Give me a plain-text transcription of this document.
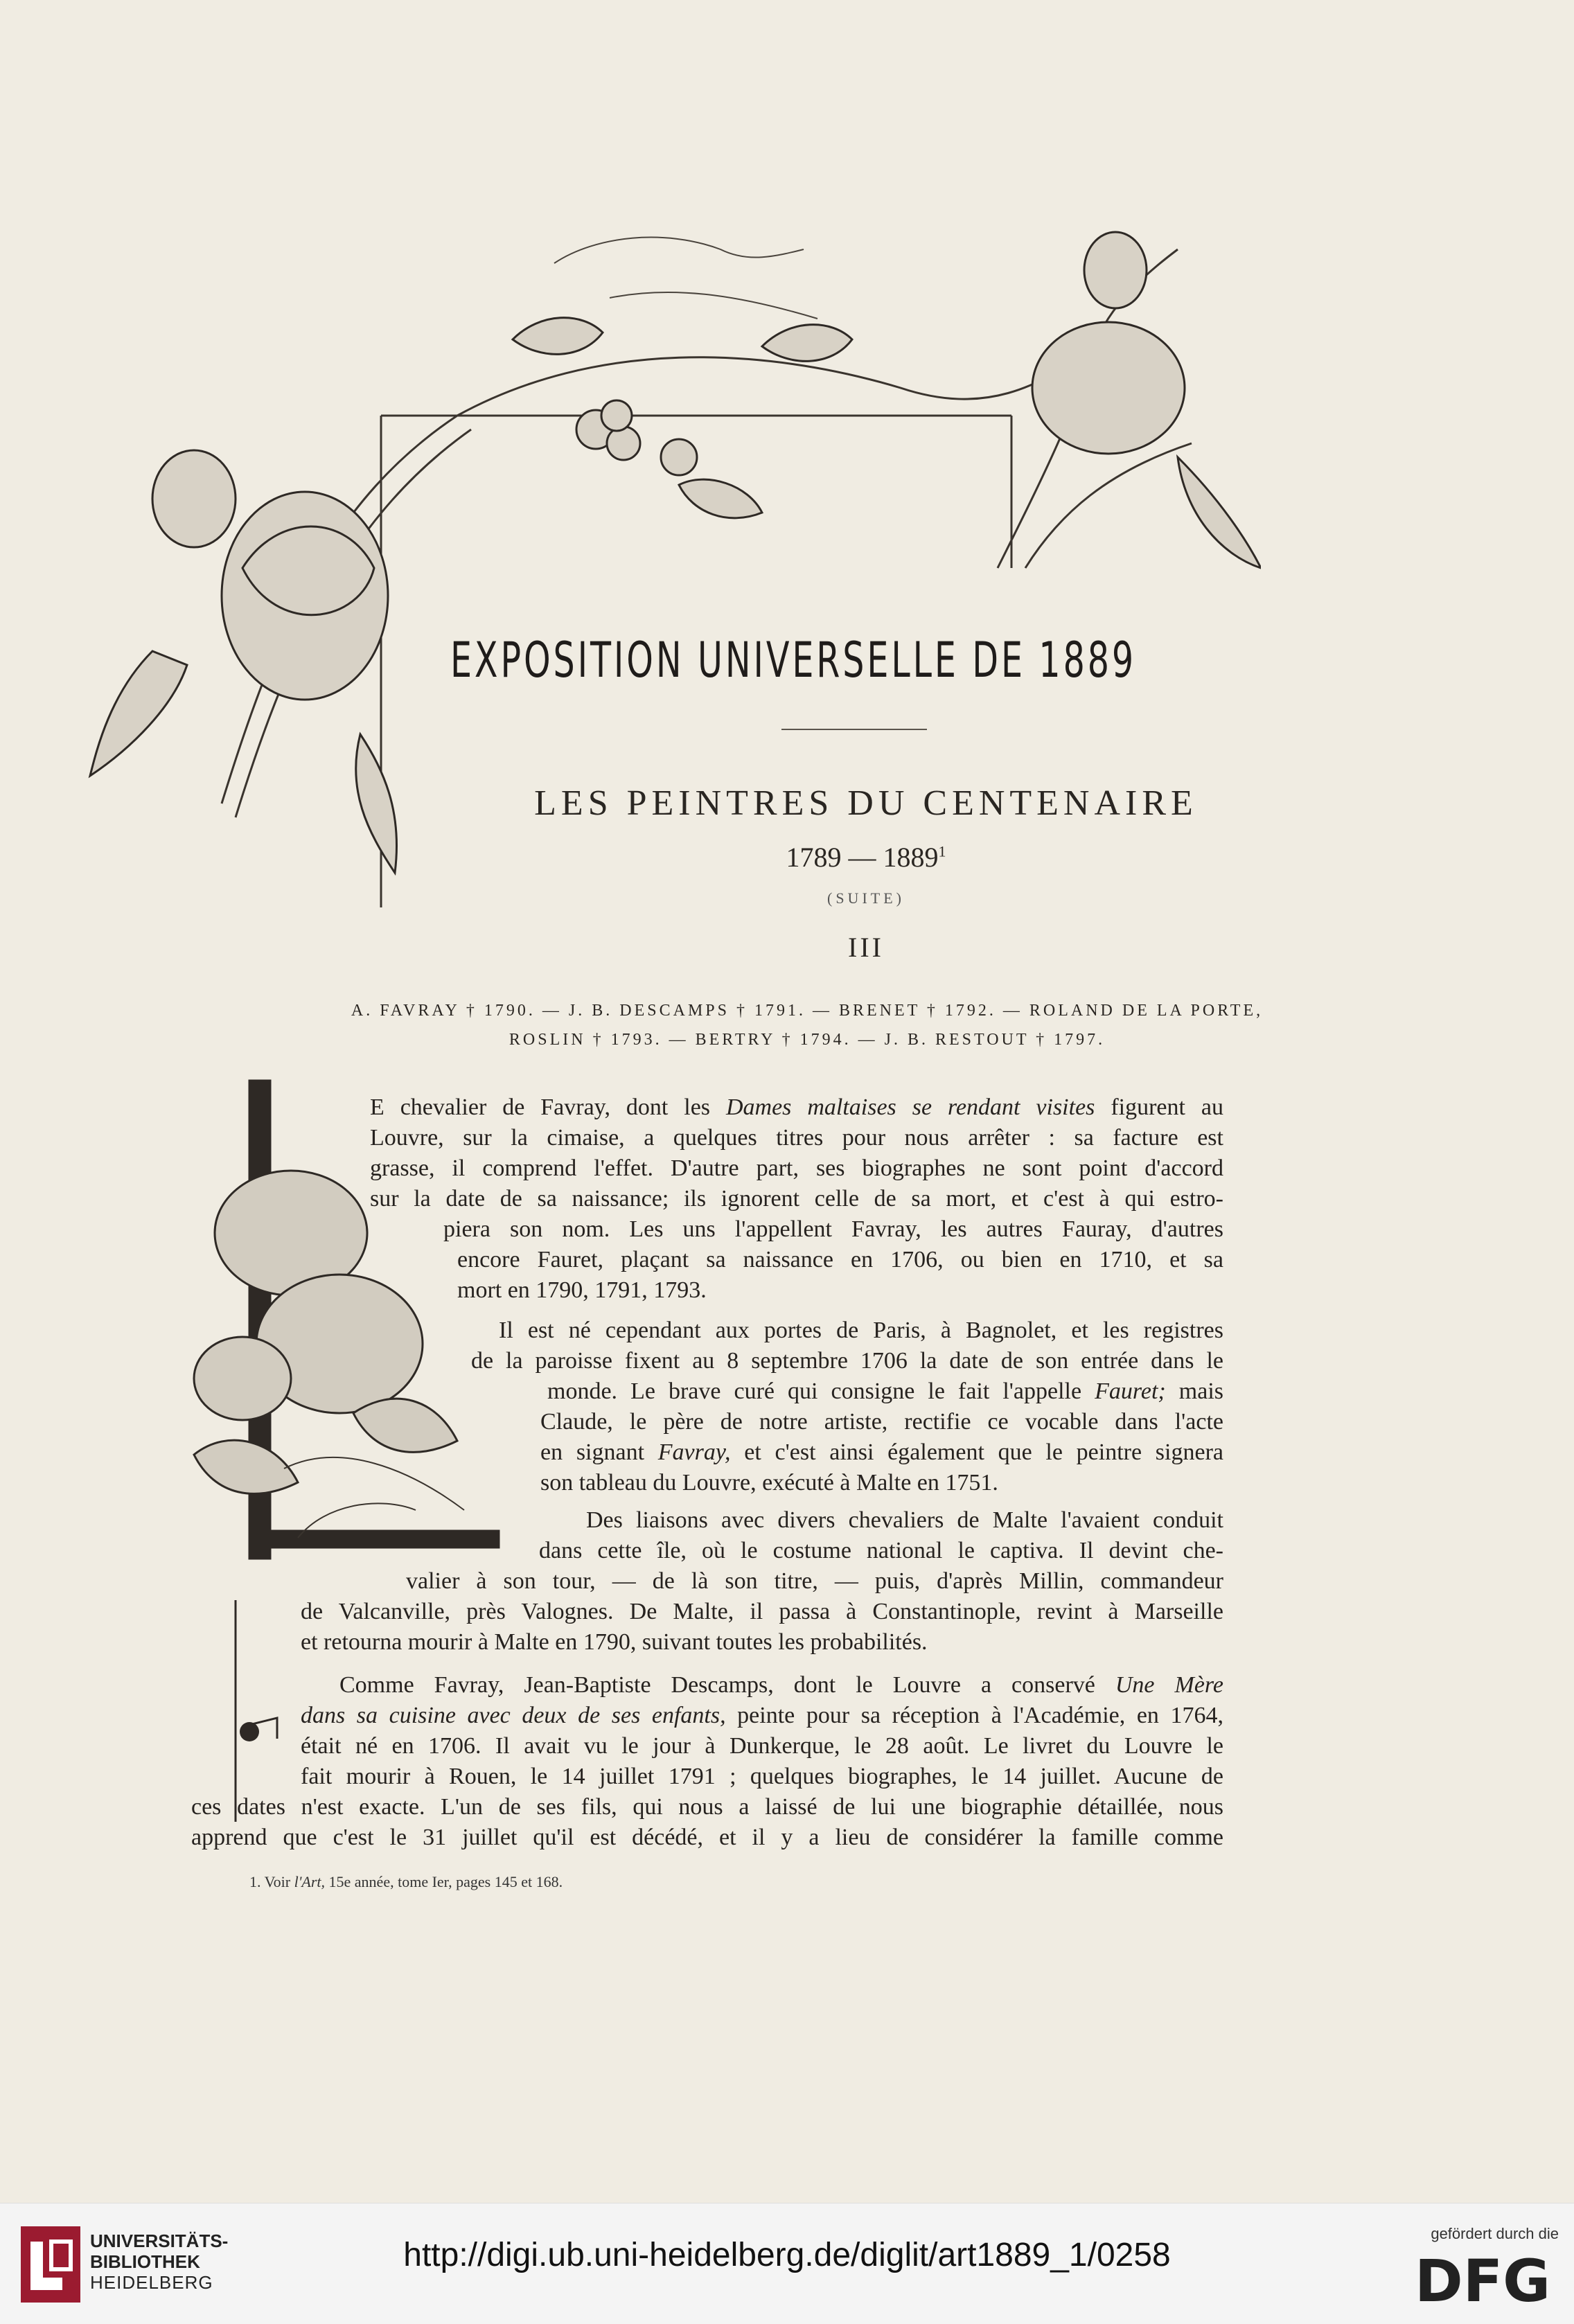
EXPOSITION UNIVERSELLE DE 1889
LES PEINTRES DU CENTENAIRE
1789 — 1889$^1$
(SUITE)
III
A. FAVRAY † 1790. — J. B. DESCAMPS † 1791. — BRENET † 1792. — ROLAND DE LA PORTE,
ROSLIN † 1793. — BERTRY † 1794. — J. B. RESTOUT † 1797.
E chevalier de Favray, dont les Dames maltaises se rendant visites figurent au
Louvre, sur la cimaise, a quelques titres pour nous arrêter : sa facture est
grasse, il comprend l'effet. D'autre part, ses biographes ne sont point d'accord
sur la date de sa naissance; ils ignorent celle de sa mort, et c'est à qui estro-
piera son nom. Les uns l'appellent Favray, les autres Fauray, d'autres
encore Fauret, plaçant sa naissance en 1706, ou bien en 1710, et sa
mort en 1790, 1791, 1793.
Il est né cependant aux portes de Paris, à Bagnolet, et les registres
de la paroisse fixent au 8 septembre 1706 la date de son entrée dans le
monde. Le brave curé qui consigne le fait l'appelle Fauret; mais
Claude, le père de notre artiste, rectifie ce vocable dans l'acte
en signant Favray, et c'est ainsi également que le peintre signera
son tableau du Louvre, exécuté à Malte en 1751.
Des liaisons avec divers chevaliers de Malte l'avaient conduit
dans cette île, où le costume national le captiva. Il devint che-
valier à son tour, — de là son titre, — puis, d'après Millin, commandeur
de Valcanville, près Valognes. De Malte, il passa à Constantinople, revint à Marseille
et retourna mourir à Malte en 1790, suivant toutes les probabilités.
Comme Favray, Jean-Baptiste Descamps, dont le Louvre a conservé Une Mère
dans sa cuisine avec deux de ses enfants, peinte pour sa réception à l'Académie, en 1764,
était né en 1706. Il avait vu le jour à Dunkerque, le 28 août. Le livret du Louvre le
fait mourir à Rouen, le 14 juillet 1791 ; quelques biographes, le 14 juillet. Aucune de
ces dates n'est exacte. L'un de ses fils, qui nous a laissé de lui une biographie détaillée, nous
apprend que c'est le 31 juillet qu'il est décédé, et il y a lieu de considérer la famille comme
1. Voir l'Art, 15e année, tome Ier, pages 145 et 168.
UNIVERSITÄTS-
BIBLIOTHEK
HEIDELBERG
http://digi.ub.uni-heidelberg.de/diglit/art1889_1/0258
gefördert durch die
DFG
